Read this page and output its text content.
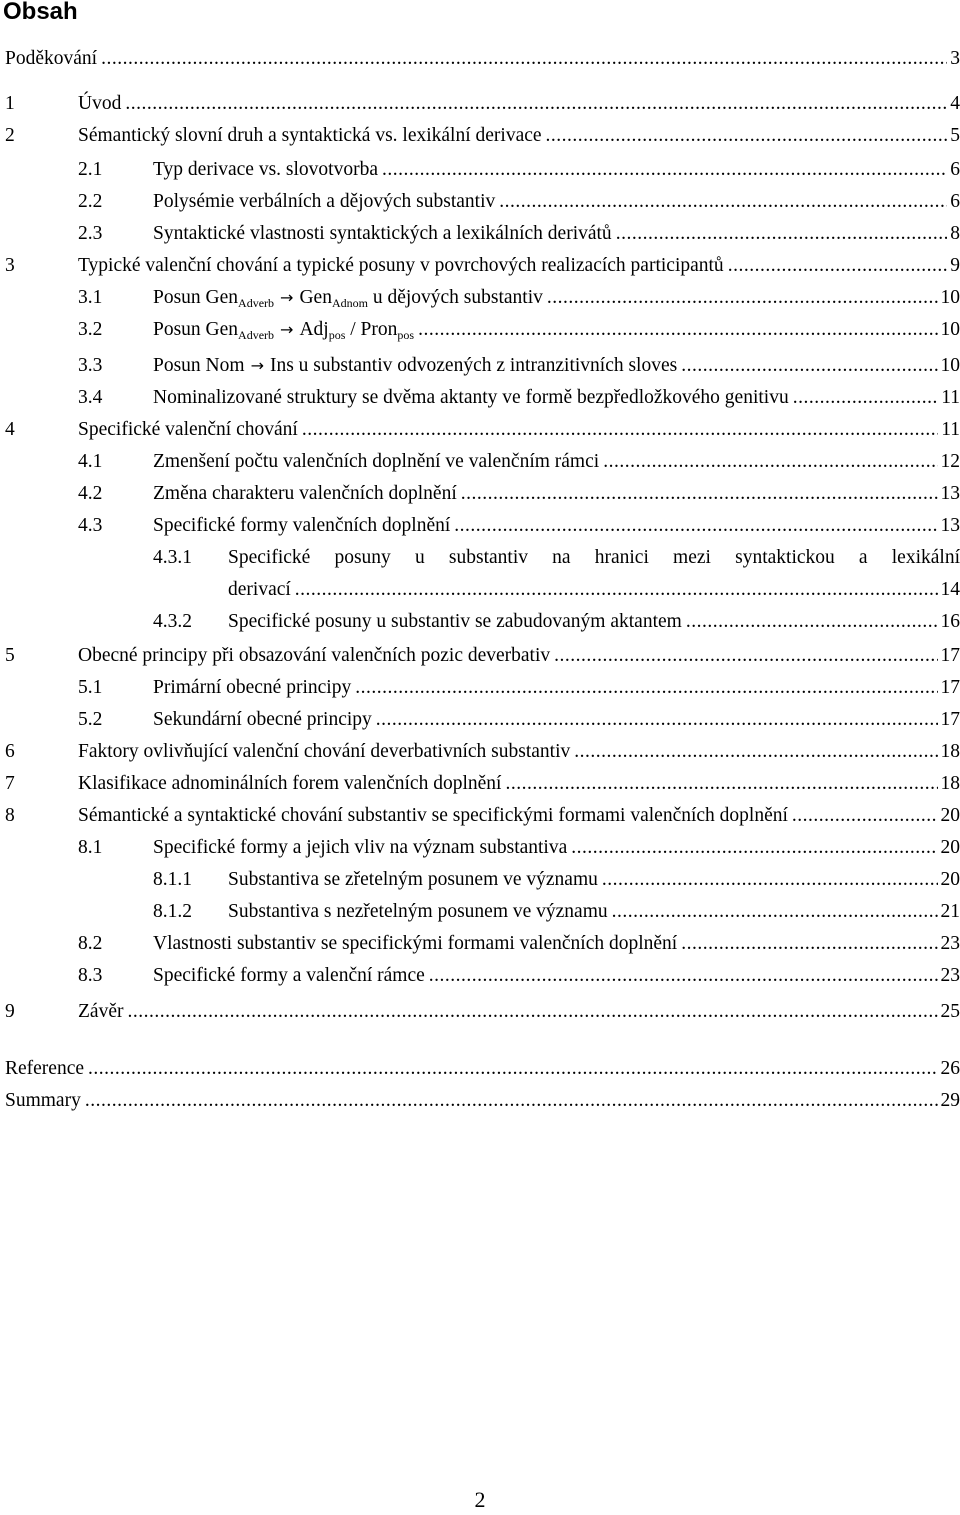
Obsah
Poděkování .....	3
1	Úvod .....	4
2	Sémantický slovní druh a syntaktická vs. lexikální derivace .....	5
2.1	Typ derivace vs. slovotvorba .....	6
2.2	Polysémie verbálních a dějových substantiv .....	6
2.3	Syntaktické vlastnosti syntaktických a lexikálních derivátů .....	8
3	Typické valenční chování a typické posuny v povrchových realizacích participantů .....	9
3.1	Posun Gen$_{Adverb}$ → Gen$_{Adnom}$ u dějových substantiv .....	10
3.2	Posun Gen$_{Adverb}$ → Adj$_{pos}$ / Pron$_{pos}$ .....	10
3.3	Posun Nom → Ins u substantiv odvozených z intranzitivních sloves .....	10
3.4	Nominalizované struktury se dvěma aktanty ve formě bezpředložkového genitivu .....	11
4	Specifické valenční chování .....	11
4.1	Zmenšení počtu valenčních doplnění ve valenčním rámci .....	12
4.2	Změna charakteru valenčních doplnění .....	13
4.3	Specifické formy valenčních doplnění .....	13
4.3.1 Specifické posuny u substantiv na hranici mezi syntaktickou a lexikální
derivací .....	14
4.3.2 Specifické posuny u substantiv se zabudovaným aktantem .....	16
5	Obecné principy při obsazování valenčních pozic deverbativ .....	17
5.1	Primární obecné principy .....	17
5.2	Sekundární obecné principy .....	17
6	Faktory ovlivňující valenční chování deverbativních substantiv .....	18
7	Klasifikace adnominálních forem valenčních doplnění .....	18
8	Sémantické a syntaktické chování substantiv se specifickými formami valenčních doplnění .....	20
8.1	Specifické formy a jejich vliv na význam substantiva .....	20
8.1.1 Substantiva se zřetelným posunem ve významu .....	20
8.1.2 Substantiva s nezřetelným posunem ve významu .....	21
8.2	Vlastnosti substantiv se specifickými formami valenčních doplnění .....	23
8.3	Specifické formy a valenční rámce .....	23
9	Závěr .....	25
Reference .....	26
Summary .....	29
2
